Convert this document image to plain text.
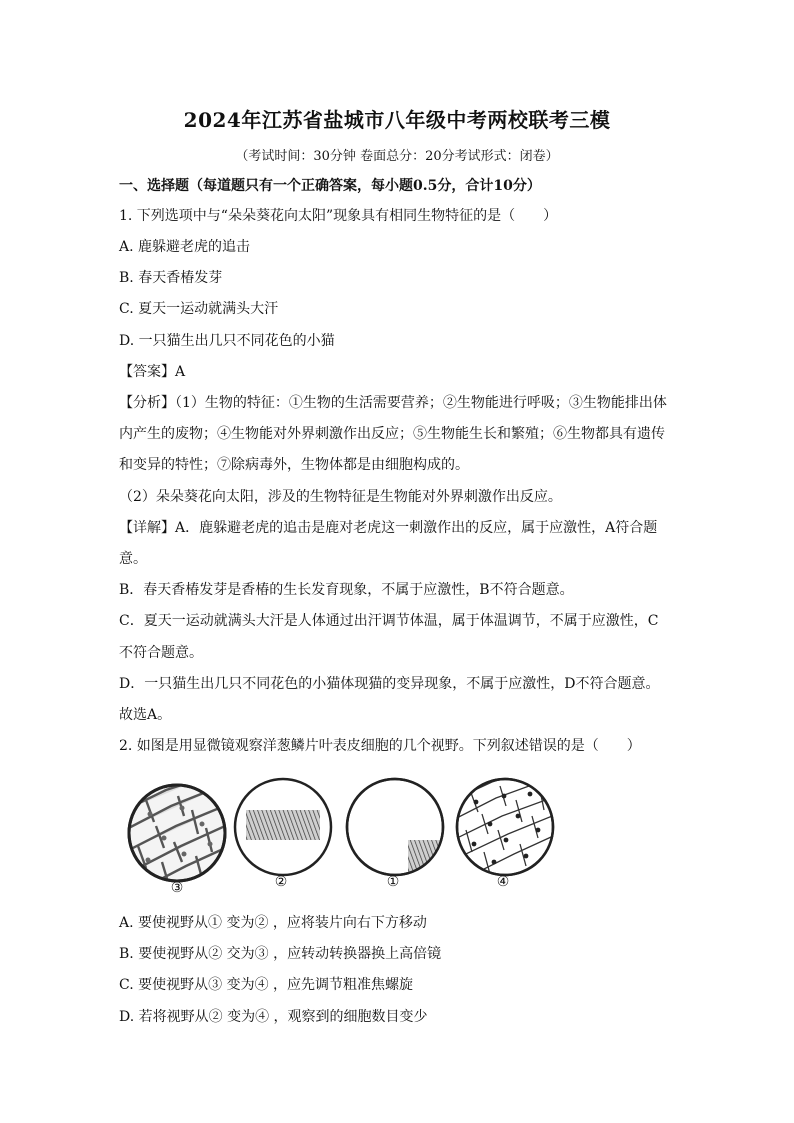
2024年江苏省盐城市八年级中考两校联考三模
（考试时间：30分钟 卷面总分：20分考试形式：闭卷）
一、选择题（每道题只有一个正确答案，每小题0.5分，合计10分）
1. 下列选项中与“朵朵葵花向太阳”现象具有相同生物特征的是（　　）
A. 鹿躲避老虎的追击
B. 春天香椿发芽
C. 夏天一运动就满头大汗
D. 一只猫生出几只不同花色的小猫
【答案】A
【分析】（1）生物的特征：①生物的生活需要营养；②生物能进行呼吸；③生物能排出体
内产生的废物；④生物能对外界刺激作出反应；⑤生物能生长和繁殖；⑥生物都具有遗传
和变异的特性；⑦除病毒外，生物体都是由细胞构成的。
（2）朵朵葵花向太阳，涉及的生物特征是生物能对外界刺激作出反应。
【详解】A．鹿躲避老虎的追击是鹿对老虎这一刺激作出的反应，属于应激性，A符合题
意。
B．春天香椿发芽是香椿的生长发育现象，不属于应激性，B不符合题意。
C．夏天一运动就满头大汗是人体通过出汗调节体温，属于体温调节，不属于应激性，C
不符合题意。
D．一只猫生出几只不同花色的小猫体现猫的变异现象，不属于应激性，D不符合题意。
故选A。
2. 如图是用显微镜观察洋葱鳞片叶表皮细胞的几个视野。下列叙述错误的是（　　）
③	②	①	④
A. 要使视野从① 变为② ，应将装片向右下方移动
B. 要使视野从② 交为③ ，应转动转换器换上高倍镜
C. 要使视野从③ 变为④ ，应先调节粗准焦螺旋
D. 若将视野从② 变为④ ，观察到的细胞数目变少
